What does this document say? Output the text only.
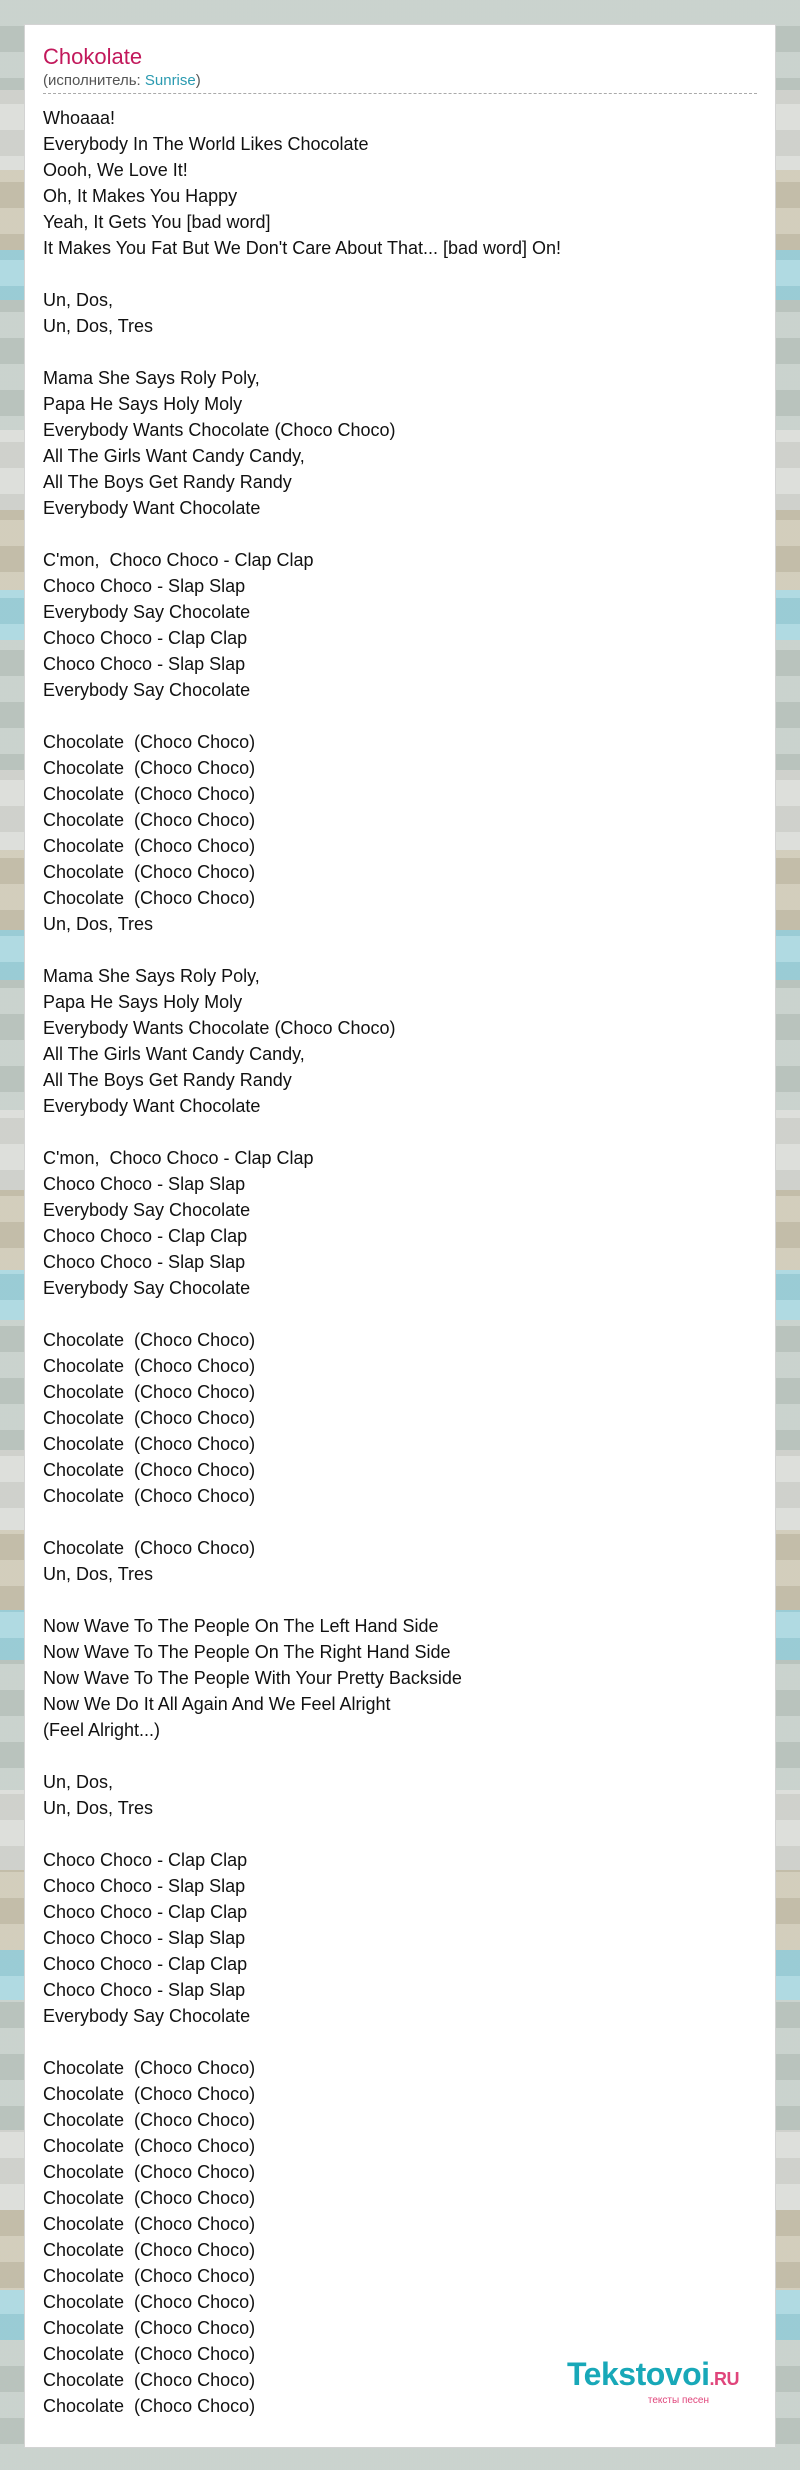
Chokolate
(исполнитель: Sunrise)
Whoaaa!
Everybody In The World Likes Chocolate
Oooh, We Love It!
Oh, It Makes You Happy
Yeah, It Gets You [bad word]
It Makes You Fat But We Don't Care About That... [bad word] On!
Un, Dos,
Un, Dos, Tres
Mama She Says Roly Poly,
Papa He Says Holy Moly
Everybody Wants Chocolate (Choco Choco)
All The Girls Want Candy Candy,
All The Boys Get Randy Randy
Everybody Want Chocolate
C'mon,  Choco Choco - Clap Clap
Choco Choco - Slap Slap
Everybody Say Chocolate
Choco Choco - Clap Clap
Choco Choco - Slap Slap
Everybody Say Chocolate
Chocolate  (Choco Choco)
Chocolate  (Choco Choco)
Chocolate  (Choco Choco)
Chocolate  (Choco Choco)
Chocolate  (Choco Choco)
Chocolate  (Choco Choco)
Chocolate  (Choco Choco)
Un, Dos, Tres
Mama She Says Roly Poly,
Papa He Says Holy Moly
Everybody Wants Chocolate (Choco Choco)
All The Girls Want Candy Candy,
All The Boys Get Randy Randy
Everybody Want Chocolate
C'mon,  Choco Choco - Clap Clap
Choco Choco - Slap Slap
Everybody Say Chocolate
Choco Choco - Clap Clap
Choco Choco - Slap Slap
Everybody Say Chocolate
Chocolate  (Choco Choco)
Chocolate  (Choco Choco)
Chocolate  (Choco Choco)
Chocolate  (Choco Choco)
Chocolate  (Choco Choco)
Chocolate  (Choco Choco)
Chocolate  (Choco Choco)
Chocolate  (Choco Choco)
Un, Dos, Tres
Now Wave To The People On The Left Hand Side
Now Wave To The People On The Right Hand Side
Now Wave To The People With Your Pretty Backside
Now We Do It All Again And We Feel Alright
(Feel Alright...)
Un, Dos,
Un, Dos, Tres
Choco Choco - Clap Clap
Choco Choco - Slap Slap
Choco Choco - Clap Clap
Choco Choco - Slap Slap
Choco Choco - Clap Clap
Choco Choco - Slap Slap
Everybody Say Chocolate
Chocolate  (Choco Choco)
Chocolate  (Choco Choco)
Chocolate  (Choco Choco)
Chocolate  (Choco Choco)
Chocolate  (Choco Choco)
Chocolate  (Choco Choco)
Chocolate  (Choco Choco)
Chocolate  (Choco Choco)
Chocolate  (Choco Choco)
Chocolate  (Choco Choco)
Chocolate  (Choco Choco)
Chocolate  (Choco Choco)
Chocolate  (Choco Choco)
Chocolate  (Choco Choco)
Tekstovoi.RU
тексты песен
